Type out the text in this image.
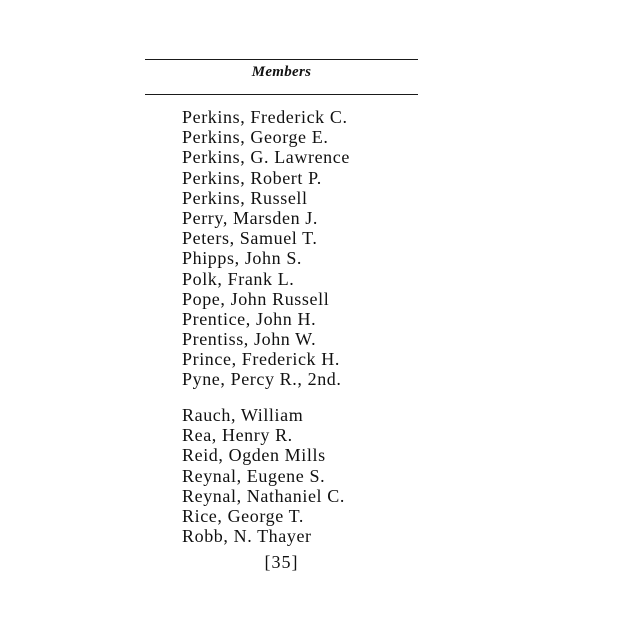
Members
Perkins, Frederick C.
Perkins, George E.
Perkins, G. Lawrence
Perkins, Robert P.
Perkins, Russell
Perry, Marsden J.
Peters, Samuel T.
Phipps, John S.
Polk, Frank L.
Pope, John Russell
Prentice, John H.
Prentiss, John W.
Prince, Frederick H.
Pyne, Percy R., 2nd.
Rauch, William
Rea, Henry R.
Reid, Ogden Mills
Reynal, Eugene S.
Reynal, Nathaniel C.
Rice, George T.
Robb, N. Thayer
[35]
